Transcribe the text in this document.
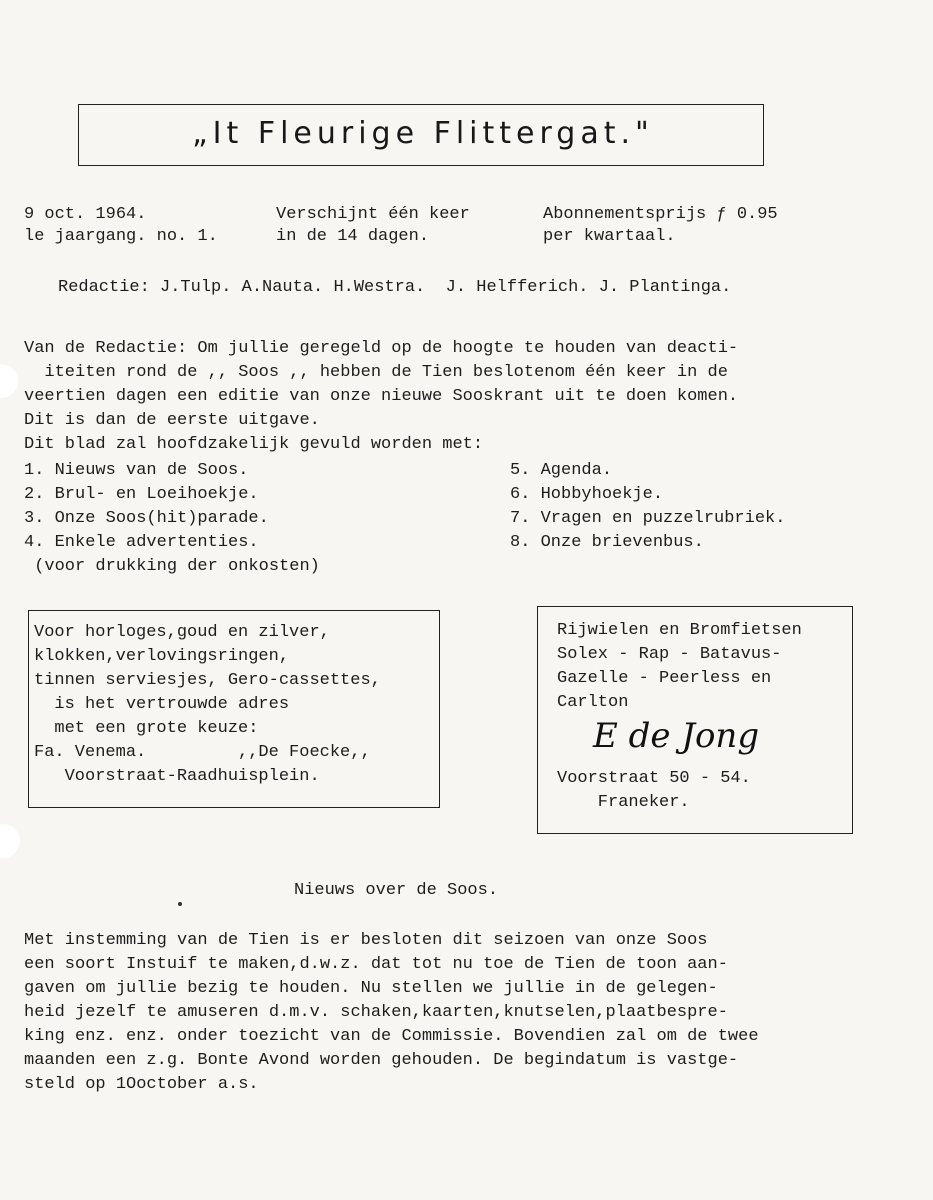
„It Fleurige Flittergat."
9 oct. 1964.
le jaargang. no. 1.
Verschijnt één keer
in de 14 dagen.
Abonnementsprijs ƒ 0.95
per kwartaal.
Redactie: J.Tulp. A.Nauta. H.Westra.  J. Helfferich. J. Plantinga.
Van de Redactie: Om jullie geregeld op de hoogte te houden van deacti-
iteiten rond de ,, Soos ,, hebben de Tien beslotenom één keer in de
veertien dagen een editie van onze nieuwe Sooskrant uit te doen komen.
Dit is dan de eerste uitgave.
Dit blad zal hoofdzakelijk gevuld worden met:
1. Nieuws van de Soos.
2. Brul- en Loeihoekje.
3. Onze Soos(hit)parade.
4. Enkele advertenties.
(voor drukking der onkosten)
5. Agenda.
6. Hobbyhoekje.
7. Vragen en puzzelrubriek.
8. Onze brievenbus.
Voor horloges,goud en zilver,
klokken,verlovingsringen,
tinnen serviesjes, Gero-cassettes,
is het vertrouwde adres
met een grote keuze:
Fa. Venema.         ,,De Foecke,,
Voorstraat-Raadhuisplein.
Rijwielen en Bromfietsen
Solex - Rap - Batavus-
Gazelle - Peerless en
Carlton
E de Jong
Voorstraat 50 - 54.
Franeker.
Nieuws over de Soos.
Met instemming van de Tien is er besloten dit seizoen van onze Soos
een soort Instuif te maken,d.w.z. dat tot nu toe de Tien de toon aan-
gaven om jullie bezig te houden. Nu stellen we jullie in de gelegen-
heid jezelf te amuseren d.m.v. schaken,kaarten,knutselen,plaatbespre-
king enz. enz. onder toezicht van de Commissie. Bovendien zal om de twee
maanden een z.g. Bonte Avond worden gehouden. De begindatum is vastge-
steld op 1Ooctober a.s.
